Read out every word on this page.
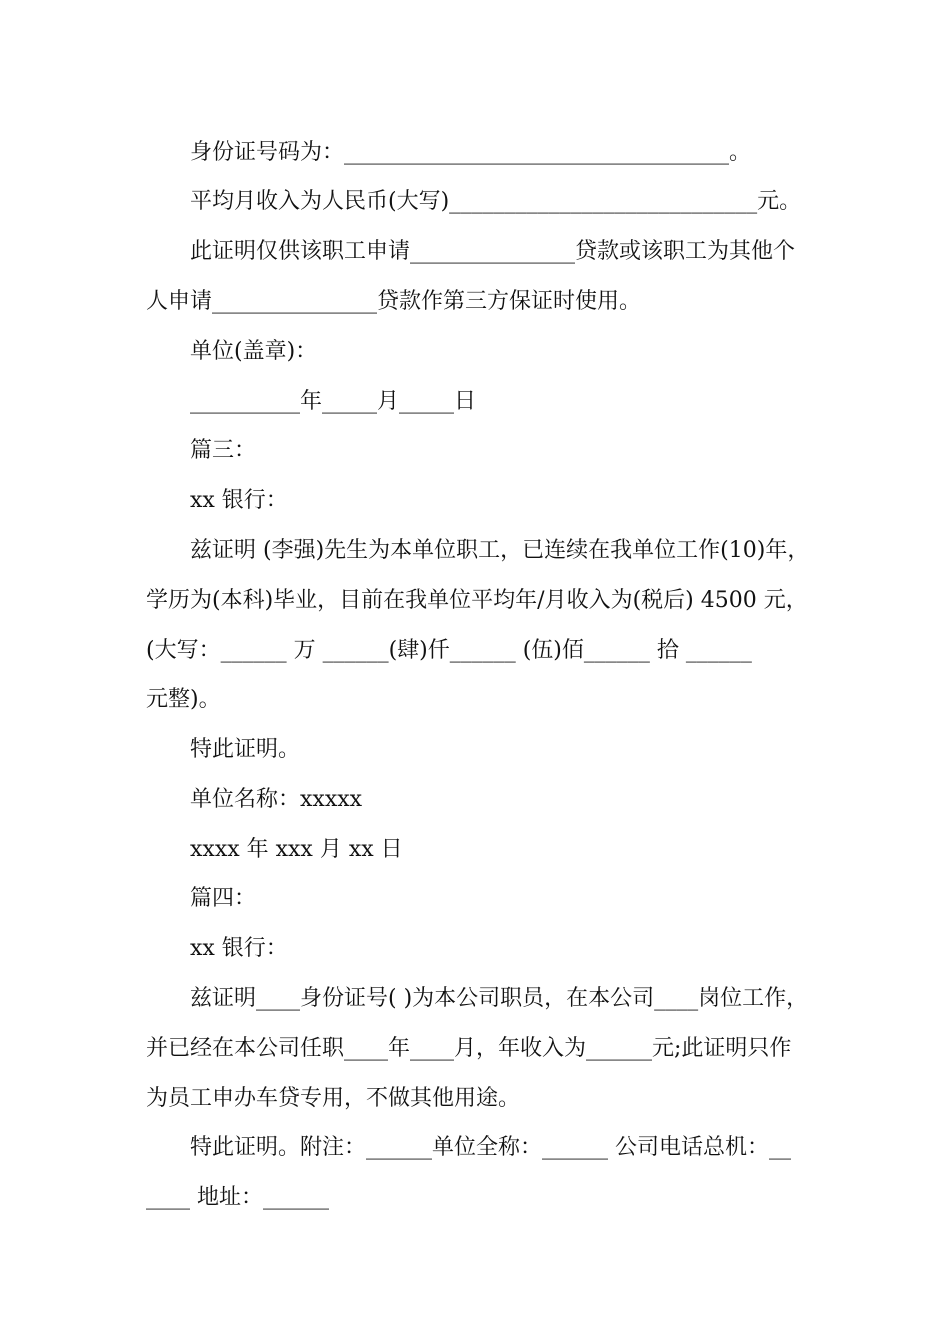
身份证号码为：___________________________________。
平均月收入为人民币(大写)____________________________元。
此证明仅供该职工申请_______________贷款或该职工为其他个
人申请_______________贷款作第三方保证时使用。
单位(盖章)：
__________年_____月_____日
篇三：
xx 银行：
兹证明 (李强)先生为本单位职工，已连续在我单位工作(10)年，
学历为(本科)毕业，目前在我单位平均年/月收入为(税后) 4500 元，
(大写：______ 万 ______(肆)仟______ (伍)佰______ 拾 ______
元整)。
特此证明。
单位名称：xxxxx
xxxx 年 xxx 月 xx 日
篇四：
xx 银行：
兹证明____身份证号( )为本公司职员，在本公司____岗位工作，
并已经在本公司任职____年____月，年收入为______元;此证明只作
为员工申办车贷专用，不做其他用途。
特此证明。附注：______单位全称：______ 公司电话总机：__
____ 地址：______
